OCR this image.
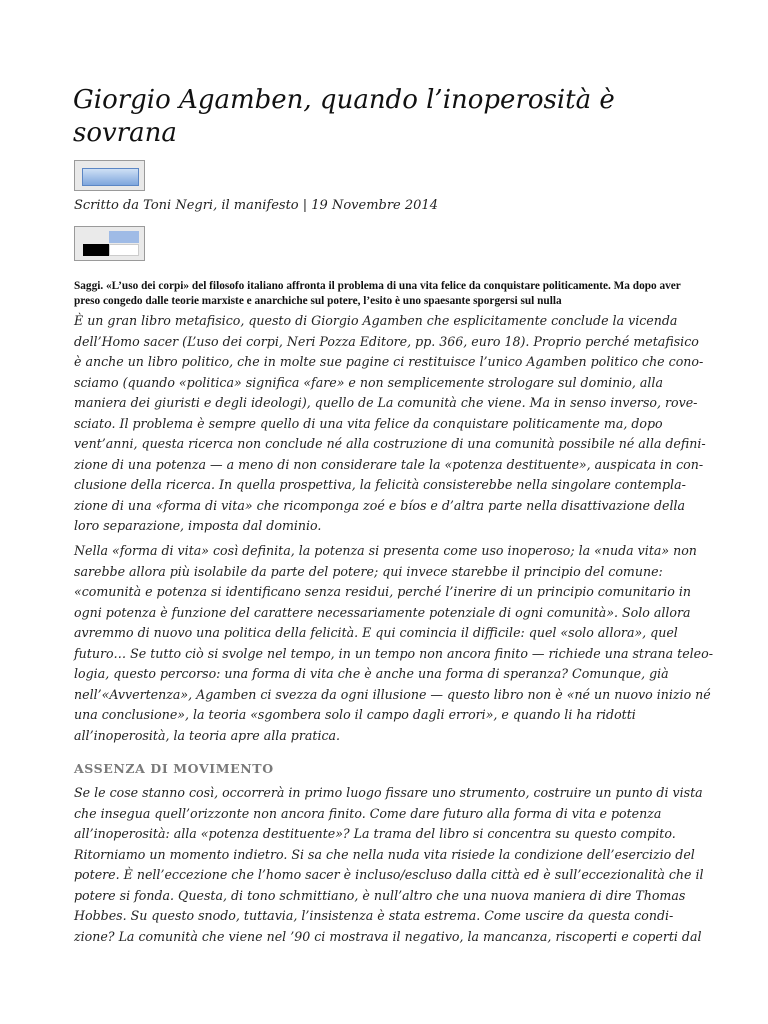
Giorgio Agamben, quando l’inoperosità è sovrana

Scritto da Toni Negri, il manifesto | 19 Novembre 2014

Saggi. «L’uso dei corpi» del filosofo italiano affronta il problema di una vita felice da conquistare politicamente. Ma dopo aver preso congedo dalle teorie marxiste e anarchiche sul potere, l’esito è uno spaesante sporgersi sul nulla

È un gran libro metafisico, questo di Giorgio Agamben che esplicitamente conclude la vicenda
dell’Homo sacer (L’uso dei corpi, Neri Pozza Editore, pp. 366, euro 18). Proprio perché metafisico
è anche un libro politico, che in molte sue pagine ci restituisce l’unico Agamben politico che cono-
sciamo (quando «politica» significa «fare» e non semplicemente strologare sul dominio, alla
maniera dei giuristi e degli ideologi), quello de La comunità che viene. Ma in senso inverso, rove-
sciato. Il problema è sempre quello di una vita felice da conquistare politicamente ma, dopo
vent’anni, questa ricerca non conclude né alla costruzione di una comunità possibile né alla defini-
zione di una potenza — a meno di non considerare tale la «potenza destituente», auspicata in con-
clusione della ricerca. In quella prospettiva, la felicità consisterebbe nella singolare contempla-
zione di una «forma di vita» che ricomponga zoé e bíos e d’altra parte nella disattivazione della
loro separazione, imposta dal dominio.
Nella «forma di vita» così definita, la potenza si presenta come uso inoperoso; la «nuda vita» non
sarebbe allora più isolabile da parte del potere; qui invece starebbe il principio del comune:
«comunità e potenza si identificano senza residui, perché l’inerire di un principio comunitario in
ogni potenza è funzione del carattere necessariamente potenziale di ogni comunità». Solo allora
avremmo di nuovo una politica della felicità. E qui comincia il difficile: quel «solo allora», quel
futuro… Se tutto ciò si svolge nel tempo, in un tempo non ancora finito — richiede una strana teleo-
logia, questo percorso: una forma di vita che è anche una forma di speranza? Comunque, già
nell’«Avvertenza», Agamben ci svezza da ogni illusione — questo libro non è «né un nuovo inizio né
una conclusione», la teoria «sgombera solo il campo dagli errori», e quando li ha ridotti
all’inoperosità, la teoria apre alla pratica.
ASSENZA DI MOVIMENTO
Se le cose stanno così, occorrerà in primo luogo fissare uno strumento, costruire un punto di vista
che insegua quell’orizzonte non ancora finito. Come dare futuro alla forma di vita e potenza
all’inoperosità: alla «potenza destituente»? La trama del libro si concentra su questo compito.
Ritorniamo un momento indietro. Si sa che nella nuda vita risiede la condizione dell’esercizio del
potere. È nell’eccezione che l’homo sacer è incluso/escluso dalla città ed è sull’eccezionalità che il
potere si fonda. Questa, di tono schmittiano, è null’altro che una nuova maniera di dire Thomas
Hobbes. Su questo snodo, tuttavia, l’insistenza è stata estrema. Come uscire da questa condi-
zione? La comunità che viene nel ’90 ci mostrava il negativo, la mancanza, riscoperti e coperti dal
